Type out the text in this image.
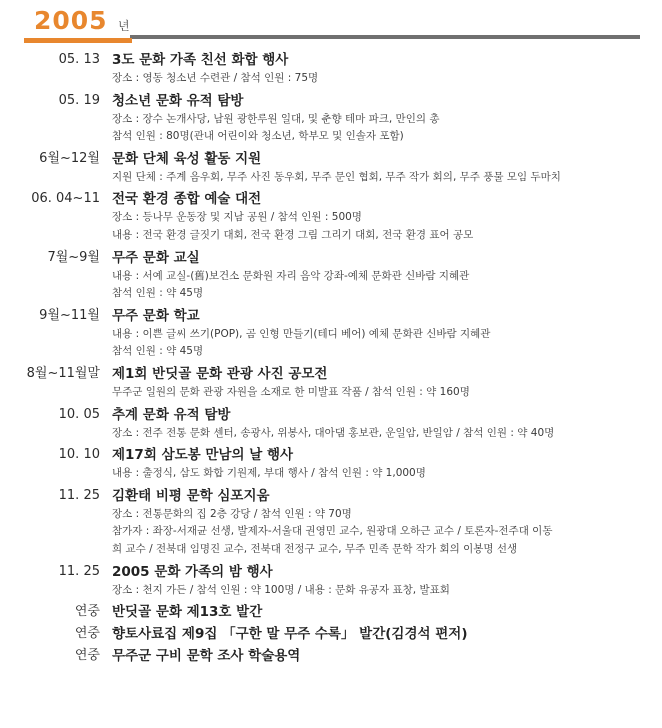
2005 년
05. 13 3도 문화 가족 친선 화합 행사
장소 : 영동 청소년 수련관 / 참석 인원 : 75명
05. 19 청소년 문화 유적 탐방
장소 : 장수 논개사당, 남원 광한루원 일대, 및 춘향 테마 파크, 만인의 총
참석 인원 : 80명(관내 어린이와 청소년, 학부모 및 인솔자 포함)
6월~12월 문화 단체 육성 활동 지원
지원 단체 : 주계 음우회, 무주 사진 동우회, 무주 문인 협회, 무주 작가 회의, 무주 풍물 모임 두마치
06. 04~11 전국 환경 종합 예술 대전
장소 : 등나무 운동장 및 지남 공원 / 참석 인원 : 500명
내용 : 전국 환경 글짓기 대회, 전국 환경 그림 그리기 대회, 전국 환경 표어 공모
7월~9월 무주 문화 교실
내용 : 서예 교실-(舊)보건소 문화원 자리 음악 강좌-예체 문화관 신바람 지혜관
참석 인원 : 약 45명
9월~11월 무주 문화 학교
내용 : 이쁜 글씨 쓰기(POP), 곰 인형 만들기(테디 베어) 예체 문화관 신바람 지혜관
참석 인원 : 약 45명
8월~11월말 제1회 반딧골 문화 관광 사진 공모전
무주군 일원의 문화 관광 자원을 소재로 한 미발표 작품 / 참석 인원 : 약 160명
10. 05 추계 문화 유적 탐방
장소 : 전주 전통 문화 센터, 송광사, 위봉사, 대아댐 홍보관, 운일암, 반일암 / 참석 인원 : 약 40명
10. 10 제17회 삼도봉 만남의 날 행사
내용 : 출정식, 삼도 화합 기원제, 부대 행사 / 참석 인원 : 약 1,000명
11. 25 김환태 비평 문학 심포지움
장소 : 전통문화의 집 2층 강당 / 참석 인원 : 약 70명
참가자 : 좌장-서재균 선생, 발제자-서울대 권영민 교수, 원광대 오하근 교수 / 토론자-전주대 이동
희 교수 / 전북대 임명진 교수, 전북대 전정구 교수, 무주 민족 문학 작가 회의 이봉명 선생
11. 25 2005 문화 가족의 밤 행사
장소 : 천지 가든 / 참석 인원 : 약 100명 / 내용 : 문화 유공자 표창, 발표회
연중 반딧골 문화 제13호 발간
연중 향토사료집 제9집 「구한 말 무주 수록」 발간(김경석 편저)
연중 무주군 구비 문학 조사 학술용역
